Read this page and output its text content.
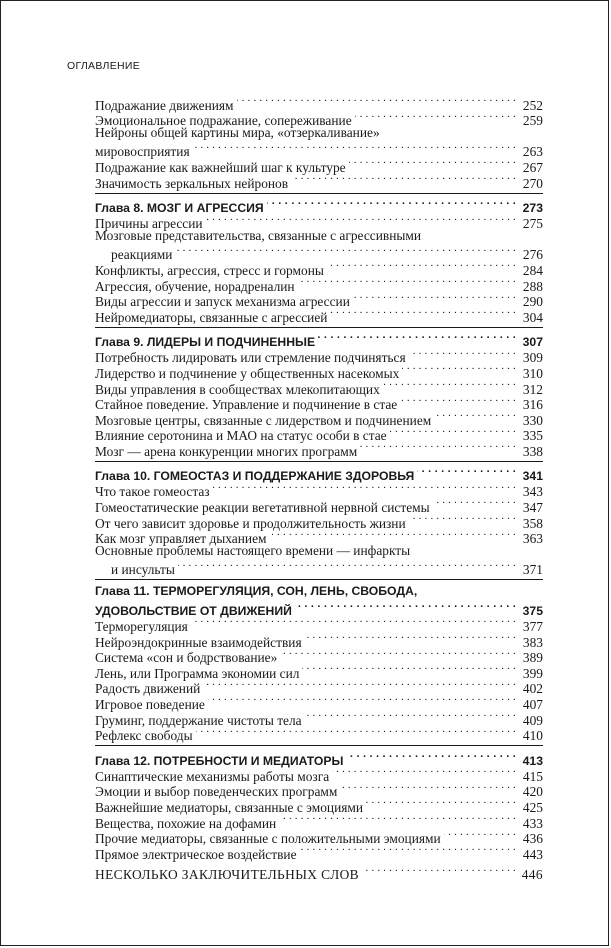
ОГЛАВЛЕНИЕ
Подражание движениям . . .	252
Эмоциональное подражание, сопереживание . . .	259
Нейроны общей картины мира, «отзеркаливание»
мировосприятия . . .	263
Подражание как важнейший шаг к культуре . . .	267
Значимость зеркальных нейронов . . .	270
Глава 8. МОЗГ И АГРЕССИЯ . . .	273
Причины агрессии . . .	275
Мозговые представительства, связанные с агрессивными
реакциями . . .	276
Конфликты, агрессия, стресс и гормоны . . .	284
Агрессия, обучение, норадреналин . . .	288
Виды агрессии и запуск механизма агрессии . . .	290
Нейромедиаторы, связанные с агрессией . . .	304
Глава 9. ЛИДЕРЫ И ПОДЧИНЕННЫЕ . . .	307
Потребность лидировать или стремление подчиняться . . .	309
Лидерство и подчинение у общественных насекомых . . .	310
Виды управления в сообществах млекопитающих . . .	312
Стайное поведение. Управление и подчинение в стае . . .	316
Мозговые центры, связанные с лидерством и подчинением . . .	330
Влияние серотонина и МАО на статус особи в стае . . .	335
Мозг — арена конкуренции многих программ . . .	338
Глава 10. ГОМЕОСТАЗ И ПОДДЕРЖАНИЕ ЗДОРОВЬЯ . . .	341
Что такое гомеостаз . . .	343
Гомеостатические реакции вегетативной нервной системы . . .	347
От чего зависит здоровье и продолжительность жизни . . .	358
Как мозг управляет дыханием . . .	363
Основные проблемы настоящего времени — инфаркты
и инсульты . . .	371
Глава 11. ТЕРМОРЕГУЛЯЦИЯ, СОН, ЛЕНЬ, СВОБОДА,
УДОВОЛЬСТВИЕ ОТ ДВИЖЕНИЙ . . .	375
Терморегуляция . . .	377
Нейроэндокринные взаимодействия . . .	383
Система «сон и бодрствование» . . .	389
Лень, или Программа экономии сил . . .	399
Радость движений . . .	402
Игровое поведение . . .	407
Груминг, поддержание чистоты тела . . .	409
Рефлекс свободы . . .	410
Глава 12. ПОТРЕБНОСТИ И МЕДИАТОРЫ . . .	413
Синаптические механизмы работы мозга . . .	415
Эмоции и выбор поведенческих программ . . .	420
Важнейшие медиаторы, связанные с эмоциями . . .	425
Вещества, похожие на дофамин . . .	433
Прочие медиаторы, связанные с положительными эмоциями . . .	436
Прямое электрическое воздействие . . .	443
НЕСКОЛЬКО ЗАКЛЮЧИТЕЛЬНЫХ СЛОВ . . .	446
